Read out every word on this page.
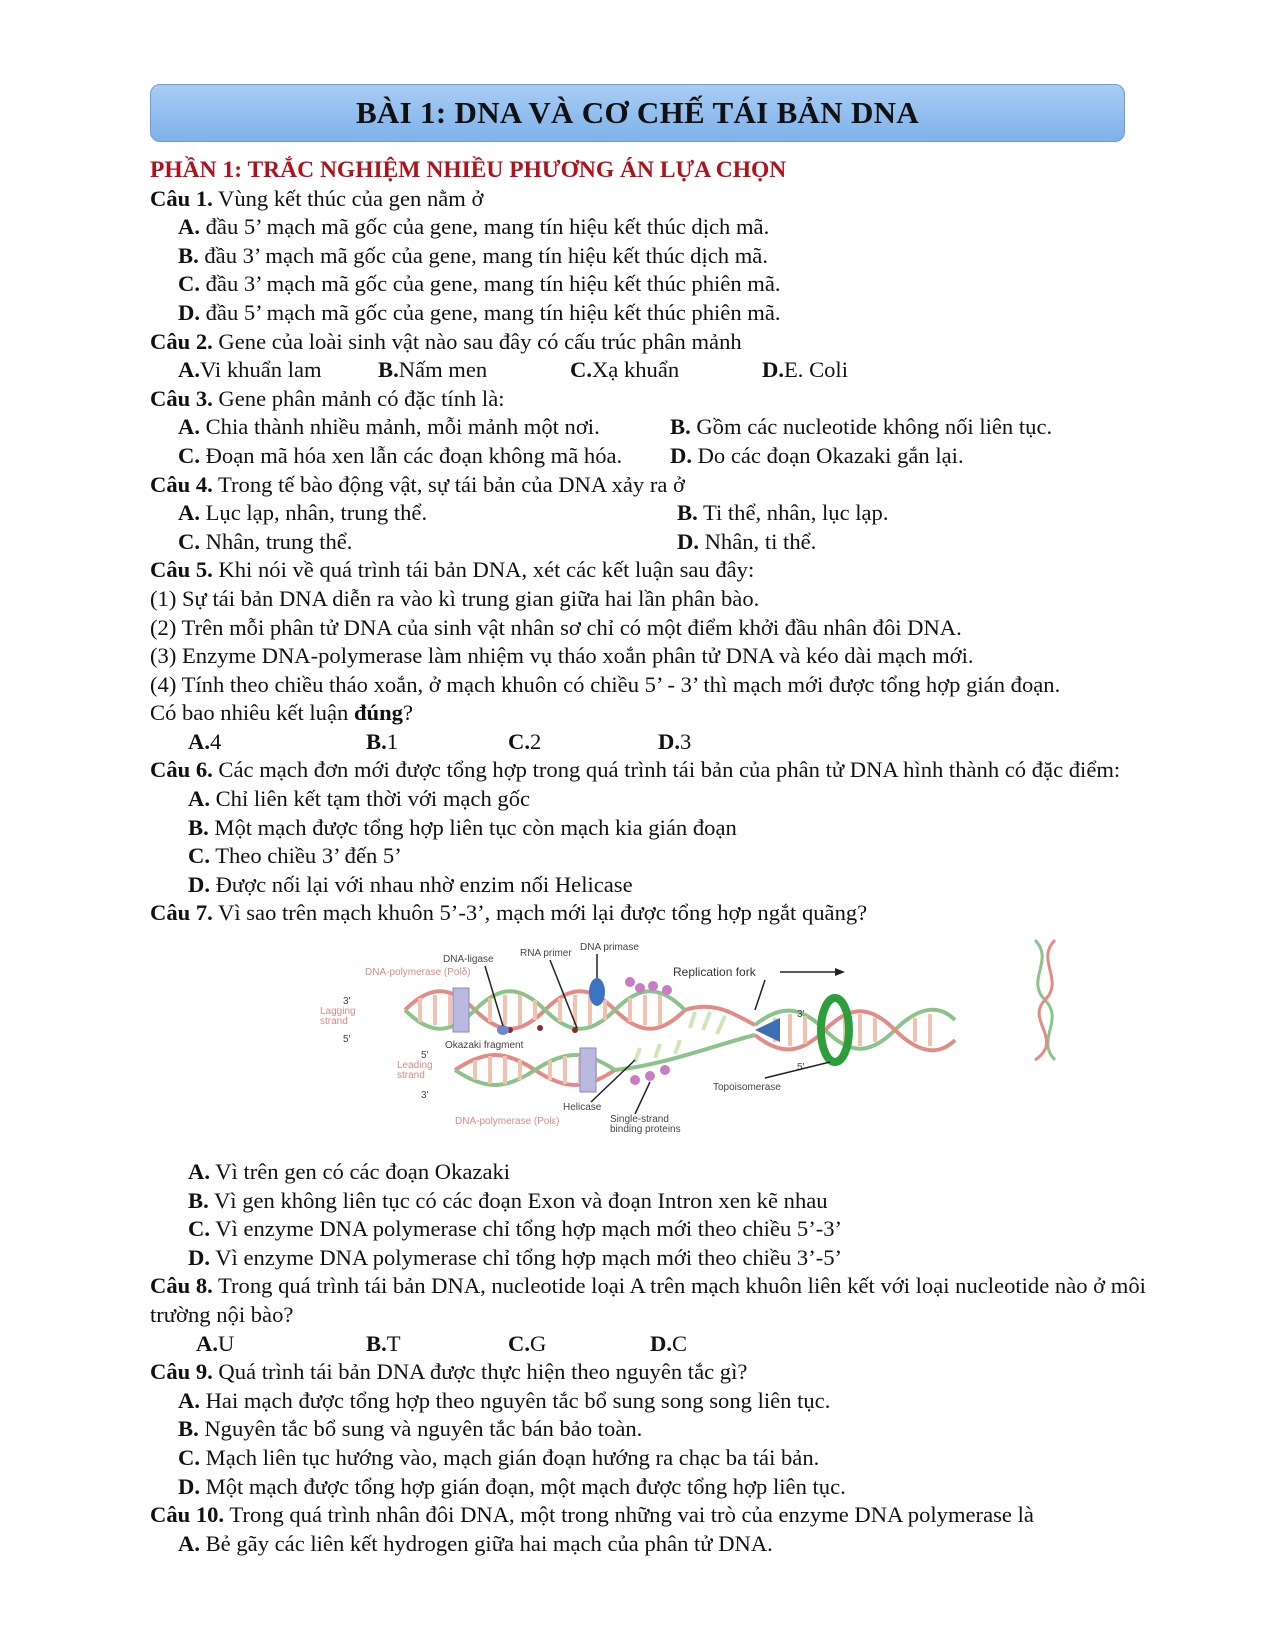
BÀI 1: DNA VÀ CƠ CHẾ TÁI BẢN DNA
PHẦN 1: TRẮC NGHIỆM NHIỀU PHƯƠNG ÁN LỰA CHỌN
Câu 1. Vùng kết thúc của gen nằm ở
A. đầu 5’ mạch mã gốc của gene, mang tín hiệu kết thúc dịch mã.
B. đầu 3’ mạch mã gốc của gene, mang tín hiệu kết thúc dịch mã.
C. đầu 3’ mạch mã gốc của gene, mang tín hiệu kết thúc phiên mã.
D. đầu 5’ mạch mã gốc của gene, mang tín hiệu kết thúc phiên mã.
Câu 2. Gene của loài sinh vật nào sau đây có cấu trúc phân mảnh
A.Vi khuẩn lam	B.Nấm men	C.Xạ khuẩn	D.E. Coli
Câu 3. Gene phân mảnh có đặc tính là:
A. Chia thành nhiều mảnh, mỗi mảnh một nơi.	B. Gồm các nucleotide không nối liên tục.
C. Đoạn mã hóa xen lẫn các đoạn không mã hóa.	D. Do các đoạn Okazaki gắn lại.
Câu 4. Trong tế bào động vật, sự tái bản của DNA xảy ra ở
A. Lục lạp, nhân, trung thể.	B. Ti thể, nhân, lục lạp.
C. Nhân, trung thể.	D. Nhân, ti thể.
Câu 5. Khi nói về quá trình tái bản DNA, xét các kết luận sau đây:
(1) Sự tái bản DNA diễn ra vào kì trung gian giữa hai lần phân bào.
(2) Trên mỗi phân tử DNA của sinh vật nhân sơ chỉ có một điểm khởi đầu nhân đôi DNA.
(3) Enzyme DNA-polymerase làm nhiệm vụ tháo xoắn phân tử DNA và kéo dài mạch mới.
(4) Tính theo chiều tháo xoắn, ở mạch khuôn có chiều 5’ - 3’ thì mạch mới được tổng hợp gián đoạn.
Có bao nhiêu kết luận đúng?
A.4	B.1	C.2	D.3
Câu 6. Các mạch đơn mới được tổng hợp trong quá trình tái bản của phân tử DNA hình thành có đặc điểm:
A. Chỉ liên kết tạm thời với mạch gốc
B. Một mạch được tổng hợp liên tục còn mạch kia gián đoạn
C. Theo chiều 3’ đến 5’
D. Được nối lại với nhau nhờ enzim nối Helicase
Câu 7. Vì sao trên mạch khuôn 5’-3’, mạch mới lại được tổng hợp ngắt quãng?
DNA-ligase
RNA primer
DNA primase
DNA-polymerase (Polδ)	Replication fork
3'
Lagging
strand
5'
Okazaki fragment
5'
Leading
strand
3'
3'
5'
Topoisomerase
Helicase
DNA-polymerase (Polε)	Single-strand
binding proteins
A. Vì trên gen có các đoạn Okazaki
B. Vì gen không liên tục có các đoạn Exon và đoạn Intron xen kẽ nhau
C. Vì enzyme DNA polymerase chỉ tổng hợp mạch mới theo chiều 5’-3’
D. Vì enzyme DNA polymerase chỉ tổng hợp mạch mới theo chiều 3’-5’
Câu 8. Trong quá trình tái bản DNA, nucleotide loại A trên mạch khuôn liên kết với loại nucleotide nào ở môi trường nội bào?
A.U	B.T	C.G	D.C
Câu 9. Quá trình tái bản DNA được thực hiện theo nguyên tắc gì?
A. Hai mạch được tổng hợp theo nguyên tắc bổ sung song song liên tục.
B. Nguyên tắc bổ sung và nguyên tắc bán bảo toàn.
C. Mạch liên tục hướng vào, mạch gián đoạn hướng ra chạc ba tái bản.
D. Một mạch được tổng hợp gián đoạn, một mạch được tổng hợp liên tục.
Câu 10. Trong quá trình nhân đôi DNA, một trong những vai trò của enzyme DNA polymerase là
A. Bẻ gãy các liên kết hydrogen giữa hai mạch của phân tử DNA.
